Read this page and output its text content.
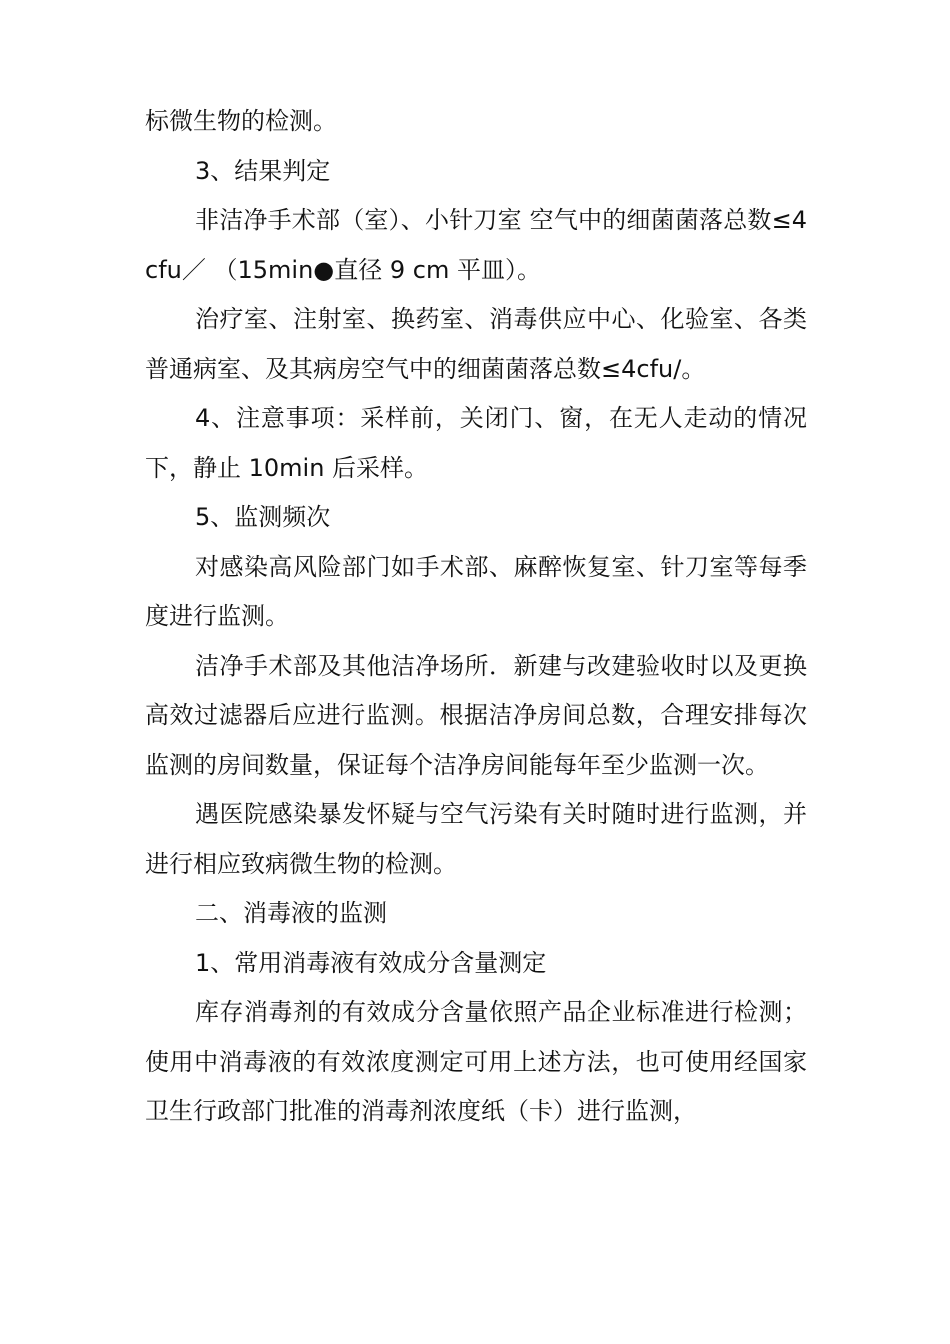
标微生物的检测。

3、结果判定

非洁净手术部（室）、小针刀室 空气中的细菌菌落总数≤4 cfu／ （15min●直径 9 cm 平皿）。

治疗室、注射室、换药室、消毒供应中心、化验室、各类普通病室、及其病房空气中的细菌菌落总数≤4cfu/。

4、注意事项：采样前，关闭门、窗，在无人走动的情况下，静止 10min 后采样。

5、监测频次

对感染高风险部门如手术部、麻醉恢复室、针刀室等每季度进行监测。

洁净手术部及其他洁净场所．新建与改建验收时以及更换高效过滤器后应进行监测。根据洁净房间总数，合理安排每次监测的房间数量，保证每个洁净房间能每年至少监测一次。

遇医院感染暴发怀疑与空气污染有关时随时进行监测，并进行相应致病微生物的检测。

二、消毒液的监测

1、常用消毒液有效成分含量测定

库存消毒剂的有效成分含量依照产品企业标准进行检测；使用中消毒液的有效浓度测定可用上述方法，也可使用经国家卫生行政部门批准的消毒剂浓度纸（卡）进行监测，
